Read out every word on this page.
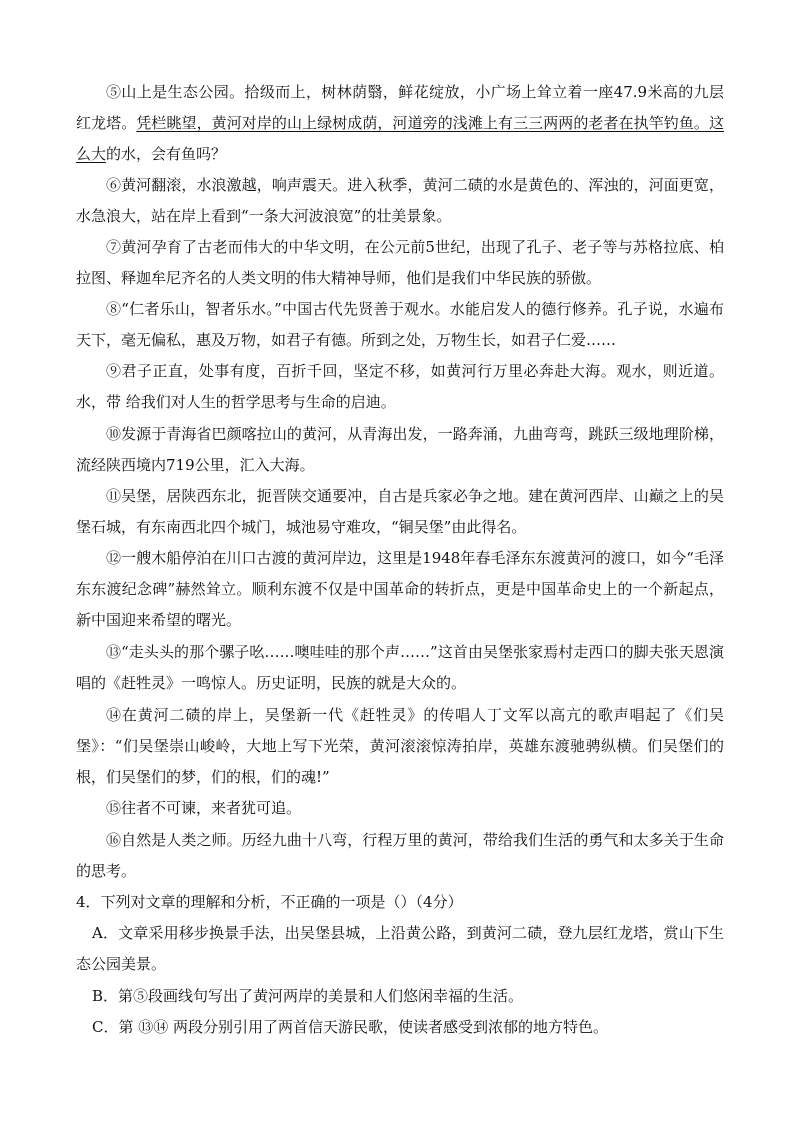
⑤山上是生态公园。拾级而上，树林荫翳，鲜花绽放，小广场上耸立着一座47.9米高的九层红龙塔。凭栏眺望，黄河对岸的山上绿树成荫，河道旁的浅滩上有三三两两的老者在执竿钓鱼。这么大的水，会有鱼吗？

⑥黄河翻滚，水浪激越，响声震天。进入秋季，黄河二碛的水是黄色的、浑浊的，河面更宽，水急浪大，站在岸上看到“一条大河波浪宽”的壮美景象。

⑦黄河孕育了古老而伟大的中华文明，在公元前5世纪，出现了孔子、老子等与苏格拉底、柏拉图、释迦牟尼齐名的人类文明的伟大精神导师，他们是我们中华民族的骄傲。

⑧“仁者乐山，智者乐水。”中国古代先贤善于观水。水能启发人的德行修养。孔子说，水遍布天下，毫无偏私，惠及万物，如君子有德。所到之处，万物生长，如君子仁爱……

⑨君子正直，处事有度，百折千回，坚定不移，如黄河行万里必奔赴大海。观水，则近道。水，带 给我们对人生的哲学思考与生命的启迪。

⑩发源于青海省巴颜喀拉山的黄河，从青海出发，一路奔涌，九曲弯弯，跳跃三级地理阶梯，流经陕西境内719公里，汇入大海。

⑪吴堡，居陕西东北，扼晋陕交通要冲，自古是兵家必争之地。建在黄河西岸、山巅之上的吴堡石城，有东南西北四个城门，城池易守难攻，“铜吴堡”由此得名。

⑫一艘木船停泊在川口古渡的黄河岸边，这里是1948年春毛泽东东渡黄河的渡口，如今“毛泽东东渡纪念碑”赫然耸立。顺利东渡不仅是中国革命的转折点，更是中国革命史上的一个新起点，新中国迎来希望的曙光。

⑬“走头头的那个骡子吆……噢哇哇的那个声……”这首由吴堡张家焉村走西口的脚夫张天恩演唱的《赶牲灵》一鸣惊人。历史证明，民族的就是大众的。

⑭在黄河二碛的岸上，吴堡新一代《赶牲灵》的传唱人丁文军以高亢的歌声唱起了《们吴堡》：“们吴堡崇山峻岭，大地上写下光荣，黄河滚滚惊涛拍岸，英雄东渡驰骋纵横。们吴堡们的根，们吴堡们的梦，们的根，们的魂!”

⑮往者不可谏，来者犹可追。

⑯自然是人类之师。历经九曲十八弯，行程万里的黄河，带给我们生活的勇气和太多关于生命的思考。

4．下列对文章的理解和分析，不正确的一项是（）（4分）

A．文章采用移步换景手法，出吴堡县城，上沿黄公路，到黄河二碛，登九层红龙塔，赏山下生态公园美景。

B．第⑤段画线句写出了黄河两岸的美景和人们悠闲幸福的生活。

C．第 ⑬⑭ 两段分别引用了两首信天游民歌，使读者感受到浓郁的地方特色。
